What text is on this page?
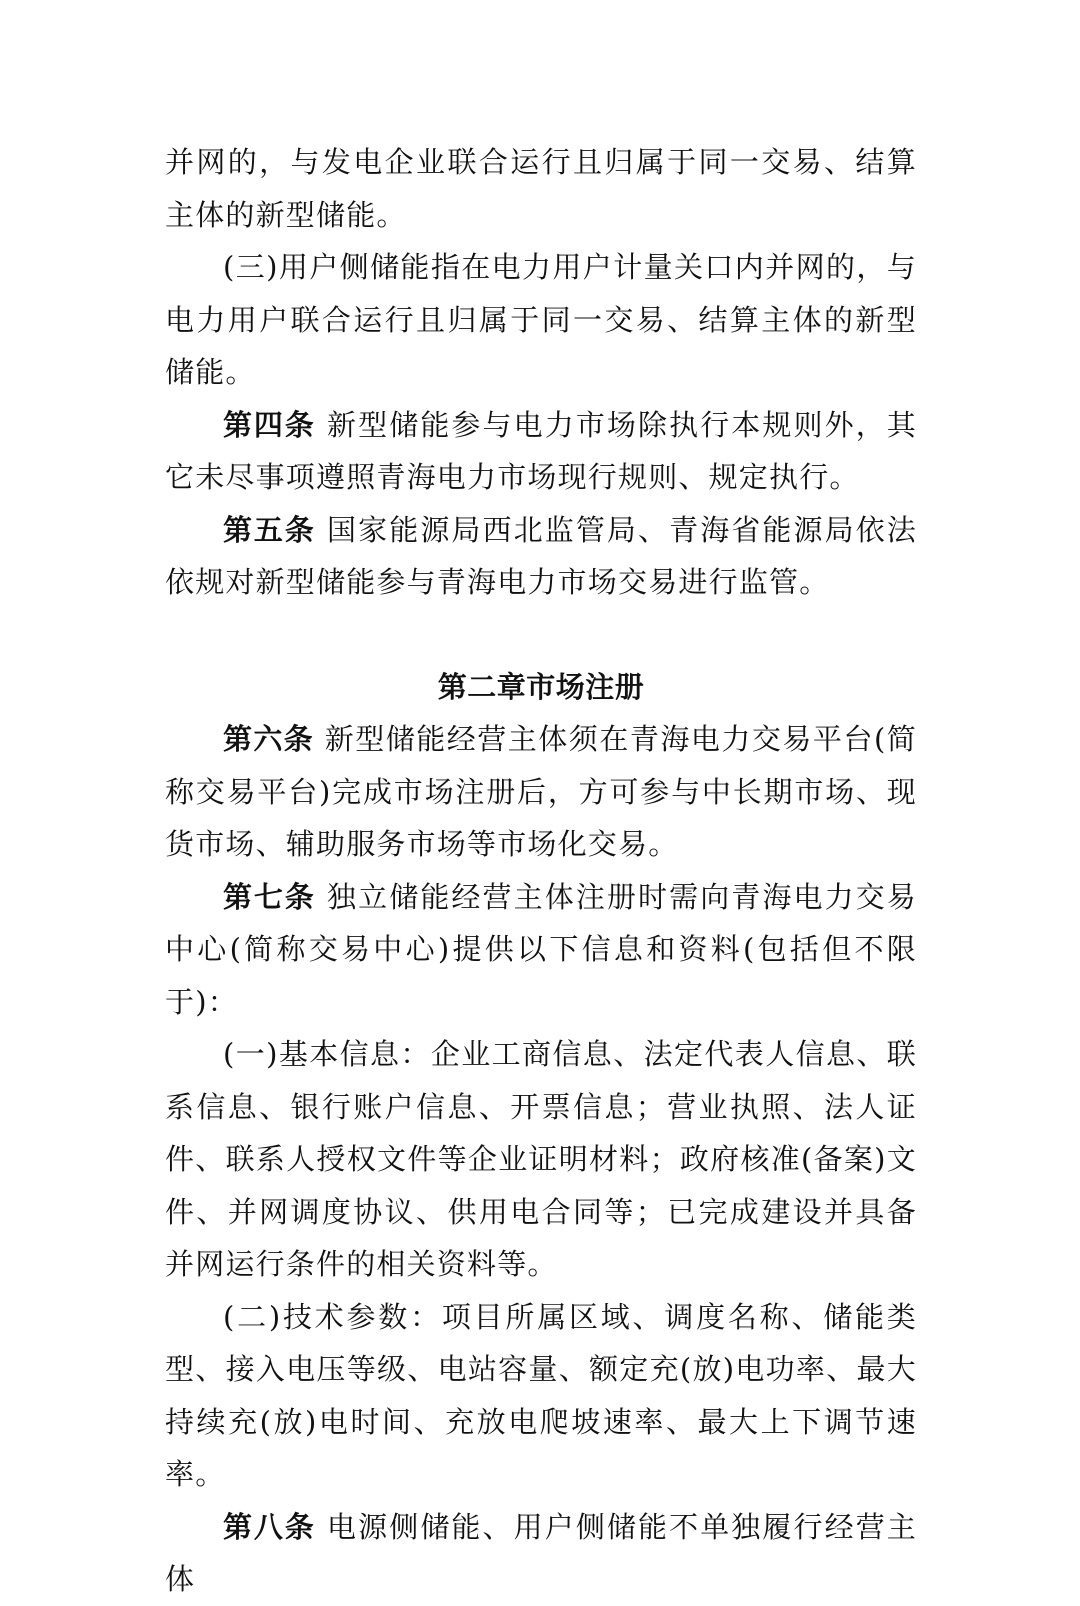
并网的，与发电企业联合运行且归属于同一交易、结算主体的新型储能。

(三)用户侧储能指在电力用户计量关口内并网的，与电力用户联合运行且归属于同一交易、结算主体的新型储能。

第四条 新型储能参与电力市场除执行本规则外，其它未尽事项遵照青海电力市场现行规则、规定执行。

第五条 国家能源局西北监管局、青海省能源局依法依规对新型储能参与青海电力市场交易进行监管。

第二章市场注册

第六条 新型储能经营主体须在青海电力交易平台(简称交易平台)完成市场注册后，方可参与中长期市场、现货市场、辅助服务市场等市场化交易。

第七条 独立储能经营主体注册时需向青海电力交易中心(简称交易中心)提供以下信息和资料(包括但不限于)：

(一)基本信息：企业工商信息、法定代表人信息、联系信息、银行账户信息、开票信息；营业执照、法人证件、联系人授权文件等企业证明材料；政府核准(备案)文件、并网调度协议、供用电合同等；已完成建设并具备并网运行条件的相关资料等。

(二)技术参数：项目所属区域、调度名称、储能类型、接入电压等级、电站容量、额定充(放)电功率、最大持续充(放)电时间、充放电爬坡速率、最大上下调节速率。

第八条 电源侧储能、用户侧储能不单独履行经营主体
